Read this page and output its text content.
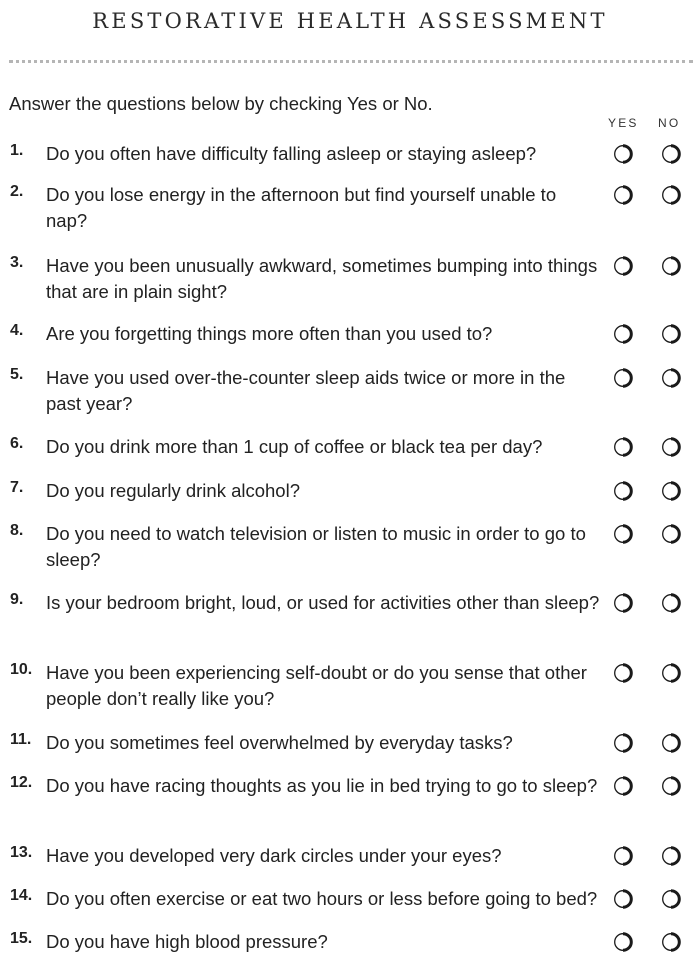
RESTORATIVE HEALTH ASSESSMENT
Answer the questions below by checking Yes or No.
YES NO
1. Do you often have difficulty falling asleep or staying asleep?
2. Do you lose energy in the afternoon but find yourself unable to nap?
3. Have you been unusually awkward, sometimes bumping into things that are in plain sight?
4. Are you forgetting things more often than you used to?
5. Have you used over-the-counter sleep aids twice or more in the past year?
6. Do you drink more than 1 cup of coffee or black tea per day?
7. Do you regularly drink alcohol?
8. Do you need to watch television or listen to music in order to go to sleep?
9. Is your bedroom bright, loud, or used for activities other than sleep?
10. Have you been experiencing self-doubt or do you sense that other people don’t really like you?
11. Do you sometimes feel overwhelmed by everyday tasks?
12. Do you have racing thoughts as you lie in bed trying to go to sleep?
13. Have you developed very dark circles under your eyes?
14. Do you often exercise or eat two hours or less before going to bed?
15. Do you have high blood pressure?
